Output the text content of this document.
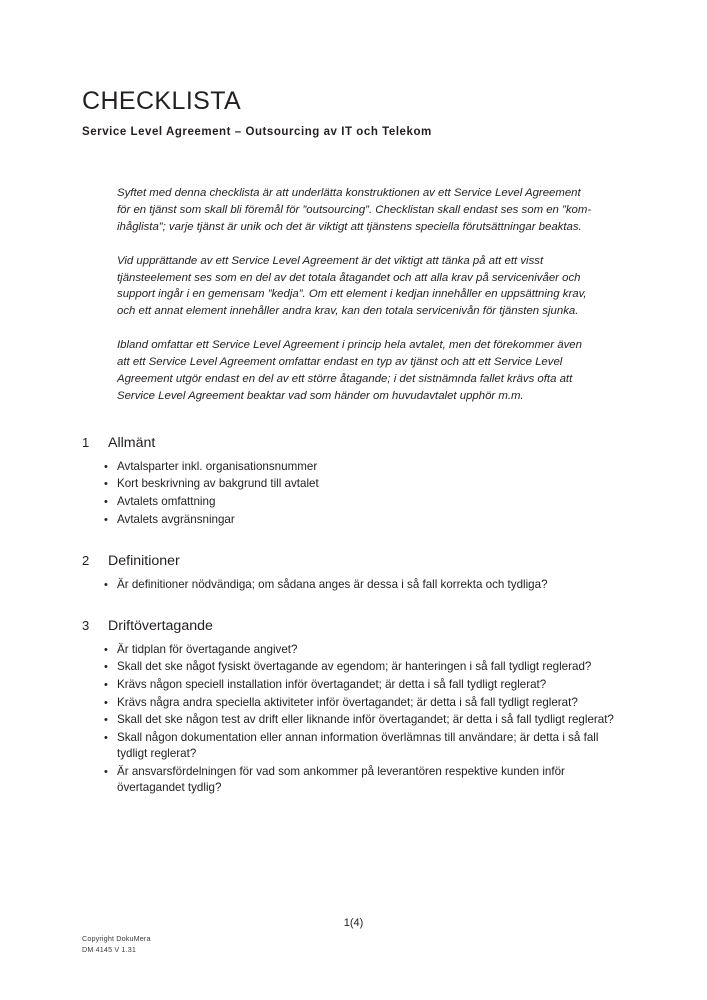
CHECKLISTA
Service Level Agreement – Outsourcing av IT och Telekom

Syftet med denna checklista är att underlätta konstruktionen av ett Service Level Agreement för en tjänst som skall bli föremål för ”outsourcing”. Checklistan skall endast ses som en ”kom-ihåglista”; varje tjänst är unik och det är viktigt att tjänstens speciella förutsättningar beaktas.

Vid upprättande av ett Service Level Agreement är det viktigt att tänka på att ett visst tjänsteelement ses som en del av det totala åtagandet och att alla krav på servicenivåer och support ingår i en gemensam ”kedja”. Om ett element i kedjan innehåller en uppsättning krav, och ett annat element innehåller andra krav, kan den totala servicenivån för tjänsten sjunka.

Ibland omfattar ett Service Level Agreement i princip hela avtalet, men det förekommer även att ett Service Level Agreement omfattar endast en typ av tjänst och att ett Service Level Agreement utgör endast en del av ett större åtagande; i det sistnämnda fallet krävs ofta att Service Level Agreement beaktar vad som händer om huvudavtalet upphör m.m.

1	Allmänt
• Avtalsparter inkl. organisationsnummer
• Kort beskrivning av bakgrund till avtalet
• Avtalets omfattning
• Avtalets avgränsningar
2	Definitioner
• Är definitioner nödvändiga; om sådana anges är dessa i så fall korrekta och tydliga?
3	Driftövertagande
• Är tidplan för övertagande angivet?
• Skall det ske något fysiskt övertagande av egendom; är hanteringen i så fall tydligt reglerad?
• Krävs någon speciell installation inför övertagandet; är detta i så fall tydligt reglerat?
• Krävs några andra speciella aktiviteter inför övertagandet; är detta i så fall tydligt reglerat?
• Skall det ske någon test av drift eller liknande inför övertagandet; är detta i så fall tydligt reglerat?
• Skall någon dokumentation eller annan information överlämnas till användare; är detta i så fall tydligt reglerat?
• Är ansvarsfördelningen för vad som ankommer på leverantören respektive kunden inför övertagandet tydlig?
1(4)
Copyright DokuMera
DM 4145 V 1.31
